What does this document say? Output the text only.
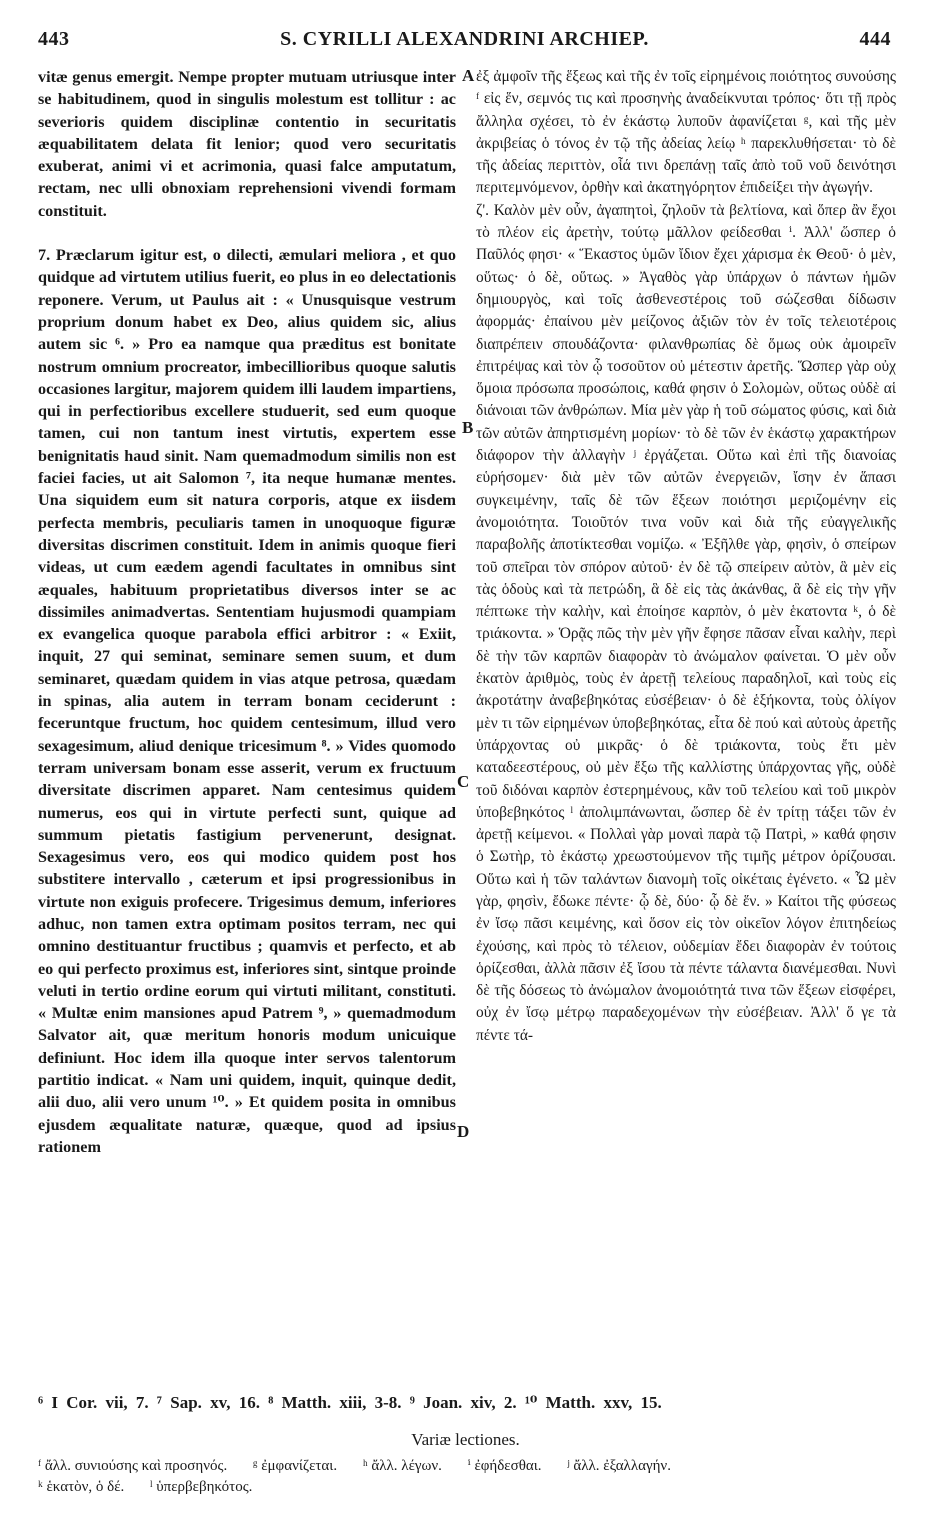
443	S. CYRILLI ALEXANDRINI ARCHIEP.	444

vitæ genus emergit. Nempe propter mutuam utriusque inter se habitudinem, quod in singulis molestum est tollitur : ac severioris quidem disciplinæ contentio in securitatis æquabilitatem delata fit lenior; quod vero securitatis exuberat, animi vi et acrimonia, quasi falce amputatum, rectam, nec ulli obnoxiam reprehensioni vivendi formam constituit.

7. Præclarum igitur est, o dilecti, æmulari meliora , et quo quidque ad virtutem utilius fuerit, eo plus in eo delectationis reponere. Verum, ut Paulus ait : « Unusquisque vestrum proprium donum habet ex Deo, alius quidem sic, alius autem sic ⁶. » Pro ea namque qua præditus est bonitate nostrum omnium procreator, imbecillioribus quoque salutis occasiones largitur, majorem quidem illi laudem impartiens, qui in perfectioribus excellere studuerit, sed eum quoque tamen, cui non tantum inest virtutis, expertem esse benignitatis haud sinit. Nam quemadmodum similis non est faciei facies, ut ait Salomon ⁷, ita neque humanæ mentes. Una siquidem eum sit natura corporis, atque ex iisdem perfecta membris, peculiaris tamen in unoquoque figuræ diversitas discrimen constituit. Idem in animis quoque fieri videas, ut cum eædem agendi facultates in omnibus sint æquales, habituum proprietatibus diversos inter se ac dissimiles animadvertas. Sententiam hujusmodi quampiam ex evangelica quoque parabola effici arbitror : « Exiit, inquit, 27 qui seminat, seminare semen suum, et dum seminaret, quædam quidem in vias atque petrosa, quædam in spinas, alia autem in terram bonam ceciderunt : feceruntque fructum, hoc quidem centesimum, illud vero sexagesimum, aliud denique tricesimum ⁸. » Vides quomodo terram universam bonam esse asserit, verum ex fructuum diversitate discrimen apparet. Nam centesimus quidem numerus, eos qui in virtute perfecti sunt, quique ad summum pietatis fastigium pervenerunt, designat. Sexagesimus vero, eos qui modico quidem post hos substitere intervallo , cæterum et ipsi progressionibus in virtute non exiguis profecere. Trigesimus demum, inferiores adhuc, non tamen extra optimam positos terram, nec qui omnino destituantur fructibus ; quamvis et perfecto, et ab eo qui perfecto proximus est, inferiores sint, sintque proinde veluti in tertio ordine eorum qui virtuti militant, constituti. « Multæ enim mansiones apud Patrem ⁹, » quemadmodum Salvator ait, quæ meritum honoris modum unicuique definiunt. Hoc idem illa quoque inter servos talentorum partitio indicat. « Nam uni quidem, inquit, quinque dedit, alii duo, alii vero unum ¹⁰. » Et quidem posita in omnibus ejusdem æqualitate naturæ, quæque, quod ad ipsius rationem

A
B
C
D

ἐξ ἀμφοῖν τῆς ἕξεως καὶ τῆς ἐν τοῖς εἰρημένοις ποιότητος συνούσης ᶠ εἰς ἕν, σεμνός τις καὶ προσηνὴς ἀναδείκνυται τρόπος· ὅτι τῇ πρὸς ἄλληλα σχέσει, τὸ ἐν ἑκάστῳ λυποῦν ἀφανίζεται ᵍ, καὶ τῆς μὲν ἀκριβείας ὁ τόνος ἐν τῷ τῆς ἀδείας λείῳ ʰ παρεκλυθήσεται· τὸ δὲ τῆς ἀδείας περιττὸν, οἷά τινι δρεπάνῃ ταῖς ἀπὸ τοῦ νοῦ δεινότησι περιτεμνόμενον, ὀρθὴν καὶ ἀκατηγόρητον ἐπιδείξει τὴν ἀγωγήν.

ζ'. Καλὸν μὲν οὖν, ἀγαπητοὶ, ζηλοῦν τὰ βελτίονα, καὶ ὅπερ ἂν ἔχοι τὸ πλέον εἰς ἀρετὴν, τούτῳ μᾶλλον φείδεσθαι ⁱ. Ἀλλ' ὥσπερ ὁ Παῦλός φησι· « Ἕκαστος ὑμῶν ἴδιον ἔχει χάρισμα ἐκ Θεοῦ· ὁ μὲν, οὕτως· ὁ δὲ, οὕτως. » Ἀγαθὸς γὰρ ὑπάρχων ὁ πάντων ἡμῶν δημιουργὸς, καὶ τοῖς ἀσθενεστέροις τοῦ σώζεσθαι δίδωσιν ἀφορμάς· ἐπαίνου μὲν μείζονος ἀξιῶν τὸν ἐν τοῖς τελειοτέροις διαπρέπειν σπουδάζοντα· φιλανθρωπίας δὲ ὅμως οὐκ ἀμοιρεῖν ἐπιτρέψας καὶ τὸν ᾧ τοσοῦτον οὐ μέτεστιν ἀρετῆς. Ὥσπερ γὰρ οὐχ ὅμοια πρόσωπα προσώποις, καθά φησιν ὁ Σολομὼν, οὕτως οὐδὲ αἱ διάνοιαι τῶν ἀνθρώπων. Μία μὲν γὰρ ἡ τοῦ σώματος φύσις, καὶ διὰ τῶν αὐτῶν ἀπηρτισμένη μορίων· τὸ δὲ τῶν ἐν ἑκάστῳ χαρακτήρων διάφορον τὴν ἀλλαγὴν ʲ ἐργάζεται. Οὕτω καὶ ἐπὶ τῆς διανοίας εὑρήσομεν· διὰ μὲν τῶν αὐτῶν ἐνεργειῶν, ἴσην ἐν ἅπασι συγκειμένην, ταῖς δὲ τῶν ἕξεων ποιότησι μεριζομένην εἰς ἀνομοιότητα. Τοιοῦτόν τινα νοῦν καὶ διὰ τῆς εὐαγγελικῆς παραβολῆς ἀποτίκτεσθαι νομίζω. « Ἐξῆλθε γὰρ, φησὶν, ὁ σπείρων τοῦ σπεῖραι τὸν σπόρον αὐτοῦ· ἐν δὲ τῷ σπείρειν αὐτὸν, ἃ μὲν εἰς τὰς ὁδοὺς καὶ τὰ πετρώδη, ἃ δὲ εἰς τὰς ἀκάνθας, ἃ δὲ εἰς τὴν γῆν πέπτωκε τὴν καλὴν, καὶ ἐποίησε καρπὸν, ὁ μὲν ἑκατοντα ᵏ, ὁ δὲ τριάκοντα. » Ὁρᾷς πῶς τὴν μὲν γῆν ἔφησε πᾶσαν εἶναι καλὴν, περὶ δὲ τὴν τῶν καρπῶν διαφορὰν τὸ ἀνώμαλον φαίνεται. Ὁ μὲν οὖν ἑκατὸν ἀριθμὸς, τοὺς ἐν ἀρετῇ τελείους παραδηλοῖ, καὶ τοὺς εἰς ἀκροτάτην ἀναβεβηκότας εὐσέβειαν· ὁ δὲ ἑξήκοντα, τοὺς ὀλίγον μὲν τι τῶν εἰρημένων ὑποβεβηκότας, εἶτα δὲ πού καὶ αὐτοὺς ἀρετῆς ὑπάρχοντας οὐ μικρᾶς· ὁ δὲ τριάκοντα, τοὺς ἔτι μὲν καταδεεστέρους, οὐ μὲν ἔξω τῆς καλλίστης ὑπάρχοντας γῆς, οὐδὲ τοῦ διδόναι καρπὸν ἐστερημένους, κἂν τοῦ τελείου καὶ τοῦ μικρὸν ὑποβεβηκότος ˡ ἀπολιμπάνωνται, ὥσπερ δὲ ἐν τρίτῃ τάξει τῶν ἐν ἀρετῇ κείμενοι. « Πολλαὶ γὰρ μοναὶ παρὰ τῷ Πατρὶ, » καθά φησιν ὁ Σωτὴρ, τὸ ἑκάστῳ χρεωστούμενον τῆς τιμῆς μέτρον ὁρίζουσαι. Οὕτω καὶ ἡ τῶν ταλάντων διανομὴ τοῖς οἰκέταις ἐγένετο. « Ὧ μὲν γὰρ, φησὶν, ἔδωκε πέντε· ᾧ δὲ, δύο· ᾧ δὲ ἕν. » Καίτοι τῆς φύσεως ἐν ἴσῳ πᾶσι κειμένης, καὶ ὅσον εἰς τὸν οἰκεῖον λόγον ἐπιτηδείως ἐχούσης, καὶ πρὸς τὸ τέλειον, οὐδεμίαν ἔδει διαφορὰν ἐν τούτοις ὁρίζεσθαι, ἀλλὰ πᾶσιν ἐξ ἴσου τὰ πέντε τάλαντα διανέμεσθαι. Νυνὶ δὲ τῆς δόσεως τὸ ἀνώμαλον ἀνομοιότητά τινα τῶν ἕξεων εἰσφέρει, οὐχ ἐν ἴσῳ μέτρῳ παραδεχομένων τὴν εὐσέβειαν. Ἀλλ' ὅ γε τὰ πέντε τά-

⁶ I Cor. vii, 7. ⁷ Sap. xv, 16. ⁸ Matth. xiii, 3-8. ⁹ Joan. xiv, 2. ¹⁰ Matth. xxv, 15.
Variæ lectiones.
ᶠ ἄλλ. συνιούσης καὶ προσηνός. ᵍ ἐμφανίζεται. ʰ ἄλλ. λέγων. ⁱ ἐφήδεσθαι. ʲ ἄλλ. ἐξαλλαγήν.
ᵏ ἑκατὸν, ὁ δέ. ˡ ὑπερβεβηκότος.
